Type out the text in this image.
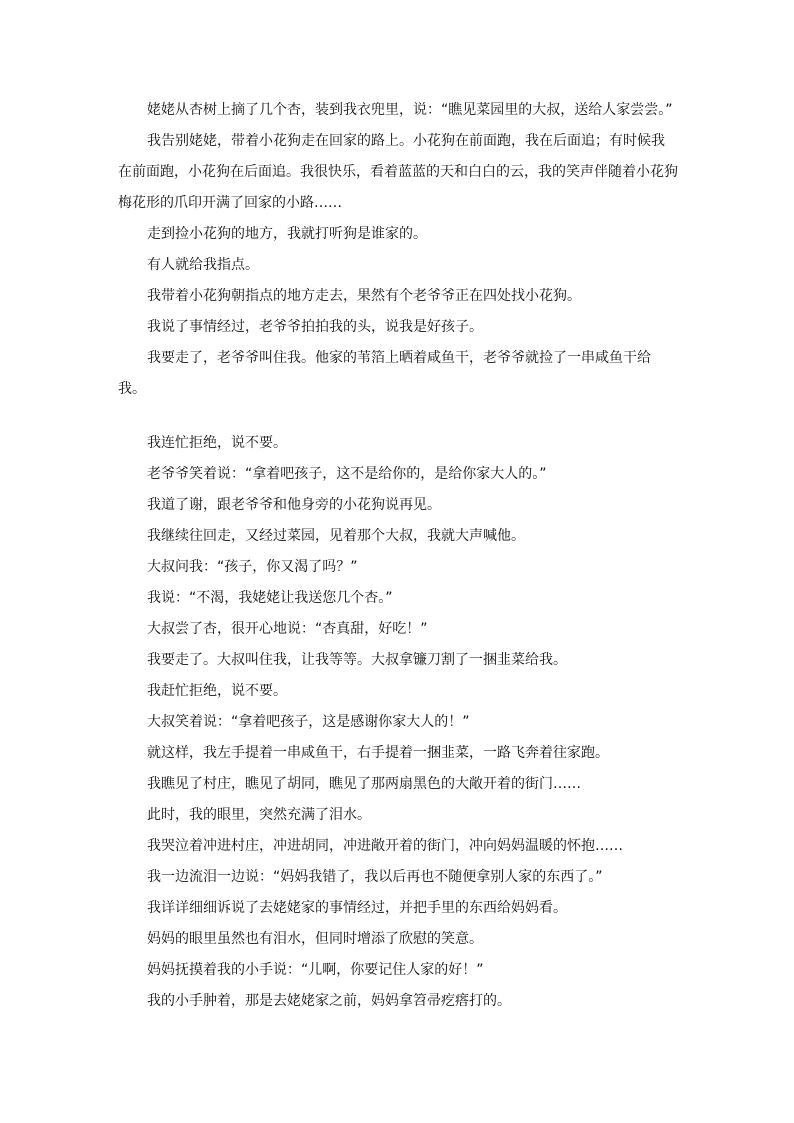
姥姥从杏树上摘了几个杏，装到我衣兜里，说：“瞧见菜园里的大叔，送给人家尝尝。”

我告别姥姥，带着小花狗走在回家的路上。小花狗在前面跑，我在后面追；有时候我在前面跑，小花狗在后面追。我很快乐，看着蓝蓝的天和白白的云，我的笑声伴随着小花狗梅花形的爪印开满了回家的小路……

走到捡小花狗的地方，我就打听狗是谁家的。

有人就给我指点。

我带着小花狗朝指点的地方走去，果然有个老爷爷正在四处找小花狗。

我说了事情经过，老爷爷拍拍我的头，说我是好孩子。

我要走了，老爷爷叫住我。他家的苇箔上晒着咸鱼干，老爷爷就捡了一串咸鱼干给我。

我连忙拒绝，说不要。

老爷爷笑着说：“拿着吧孩子，这不是给你的，是给你家大人的。”

我道了谢，跟老爷爷和他身旁的小花狗说再见。

我继续往回走，又经过菜园，见着那个大叔，我就大声喊他。

大叔问我：“孩子，你又渴了吗？”

我说：“不渴，我姥姥让我送您几个杏。”

大叔尝了杏，很开心地说：“杏真甜，好吃！”

我要走了。大叔叫住我，让我等等。大叔拿镰刀割了一捆韭菜给我。

我赶忙拒绝，说不要。

大叔笑着说：“拿着吧孩子，这是感谢你家大人的！”

就这样，我左手提着一串咸鱼干，右手提着一捆韭菜，一路飞奔着往家跑。

我瞧见了村庄，瞧见了胡同，瞧见了那两扇黑色的大敞开着的街门……

此时，我的眼里，突然充满了泪水。

我哭泣着冲进村庄，冲进胡同，冲进敞开着的街门，冲向妈妈温暖的怀抱……

我一边流泪一边说：“妈妈我错了，我以后再也不随便拿别人家的东西了。”

我详详细细诉说了去姥姥家的事情经过，并把手里的东西给妈妈看。

妈妈的眼里虽然也有泪水，但同时增添了欣慰的笑意。

妈妈抚摸着我的小手说：“儿啊，你要记住人家的好！”

我的小手肿着，那是去姥姥家之前，妈妈拿笤帚疙瘩打的。
